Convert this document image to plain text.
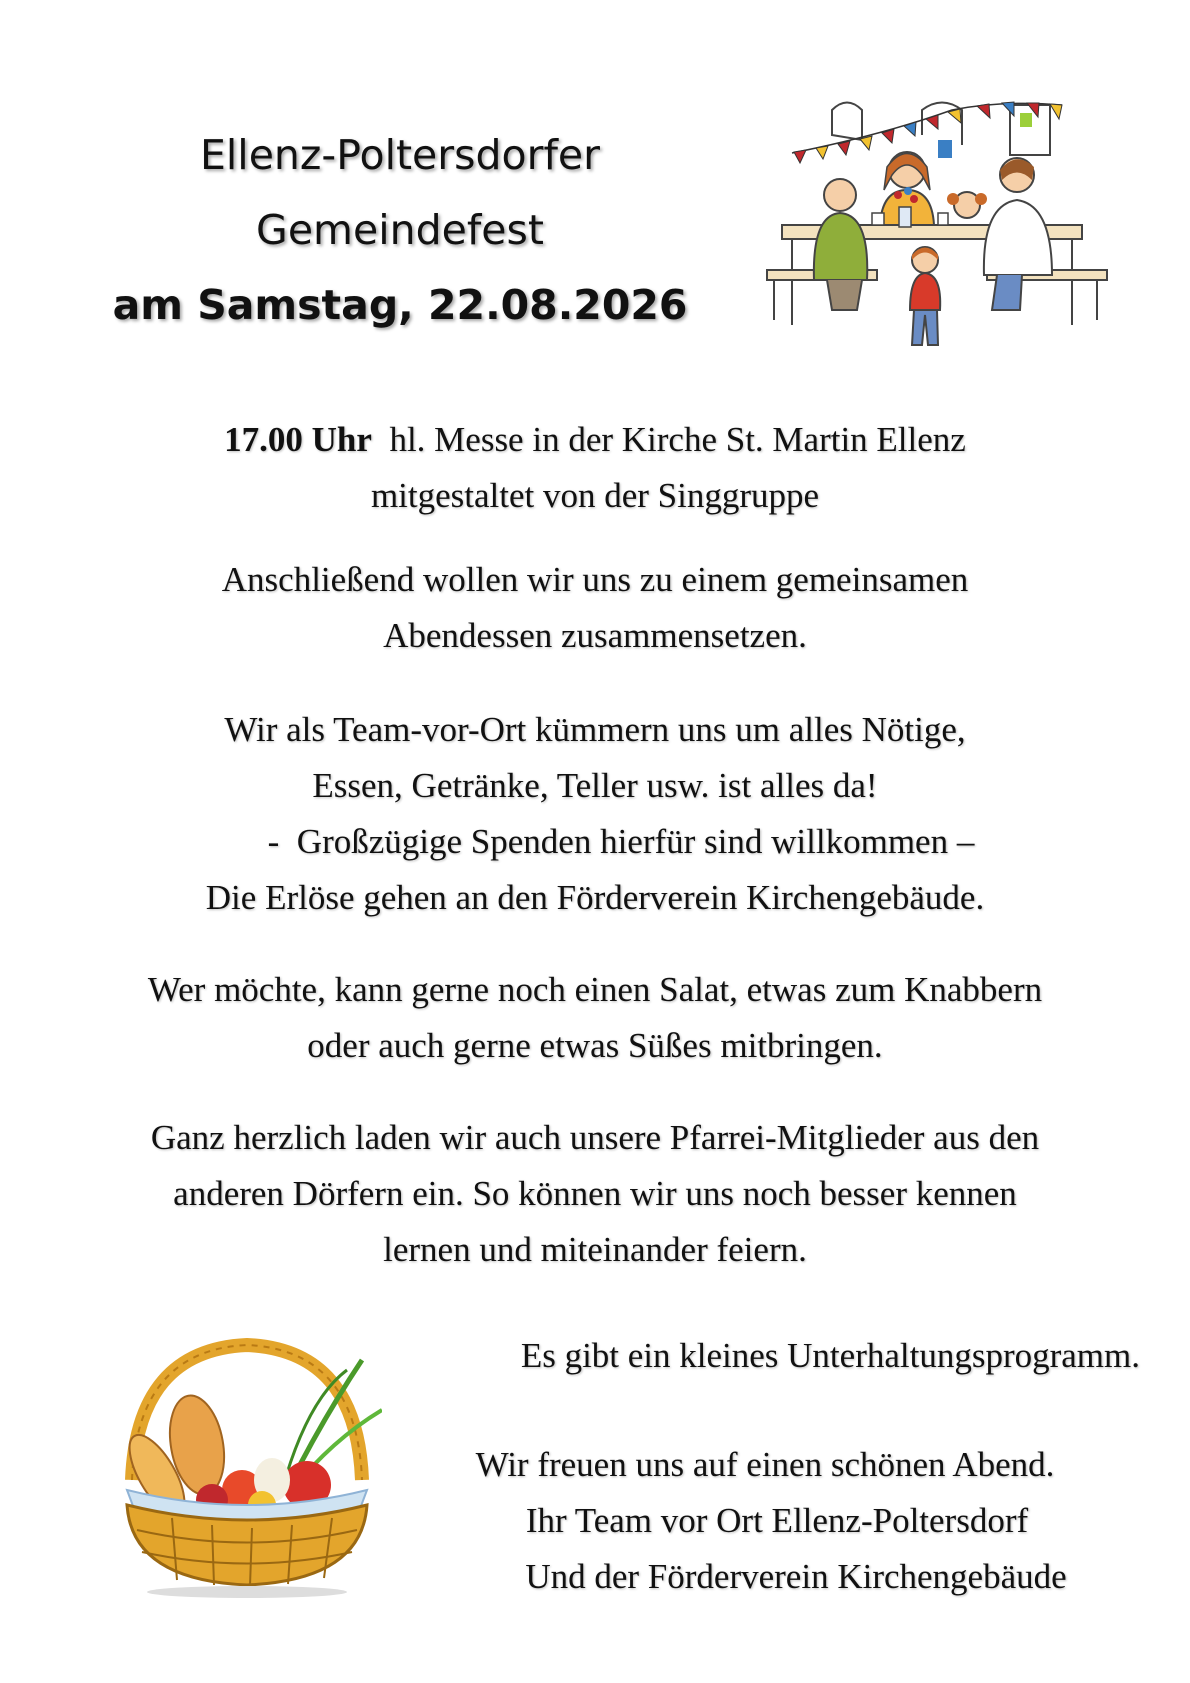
Ellenz-Poltersdorfer
Gemeindefest
am Samstag, 22.08.2026
17.00 Uhr  hl. Messe in der Kirche St. Martin Ellenz
mitgestaltet von der Singgruppe
Anschließend wollen wir uns zu einem gemeinsamen
Abendessen zusammensetzen.
Wir als Team-vor-Ort kümmern uns um alles Nötige,
Essen, Getränke, Teller usw. ist alles da!
-  Großzügige Spenden hierfür sind willkommen –
Die Erlöse gehen an den Förderverein Kirchengebäude.
Wer möchte, kann gerne noch einen Salat, etwas zum Knabbern
oder auch gerne etwas Süßes mitbringen.
Ganz herzlich laden wir auch unsere Pfarrei-Mitglieder aus den
anderen Dörfern ein. So können wir uns noch besser kennen
lernen und miteinander feiern.
Es gibt ein kleines Unterhaltungsprogramm.
Wir freuen uns auf einen schönen Abend.
Ihr Team vor Ort Ellenz-Poltersdorf
Und der Förderverein Kirchengebäude
